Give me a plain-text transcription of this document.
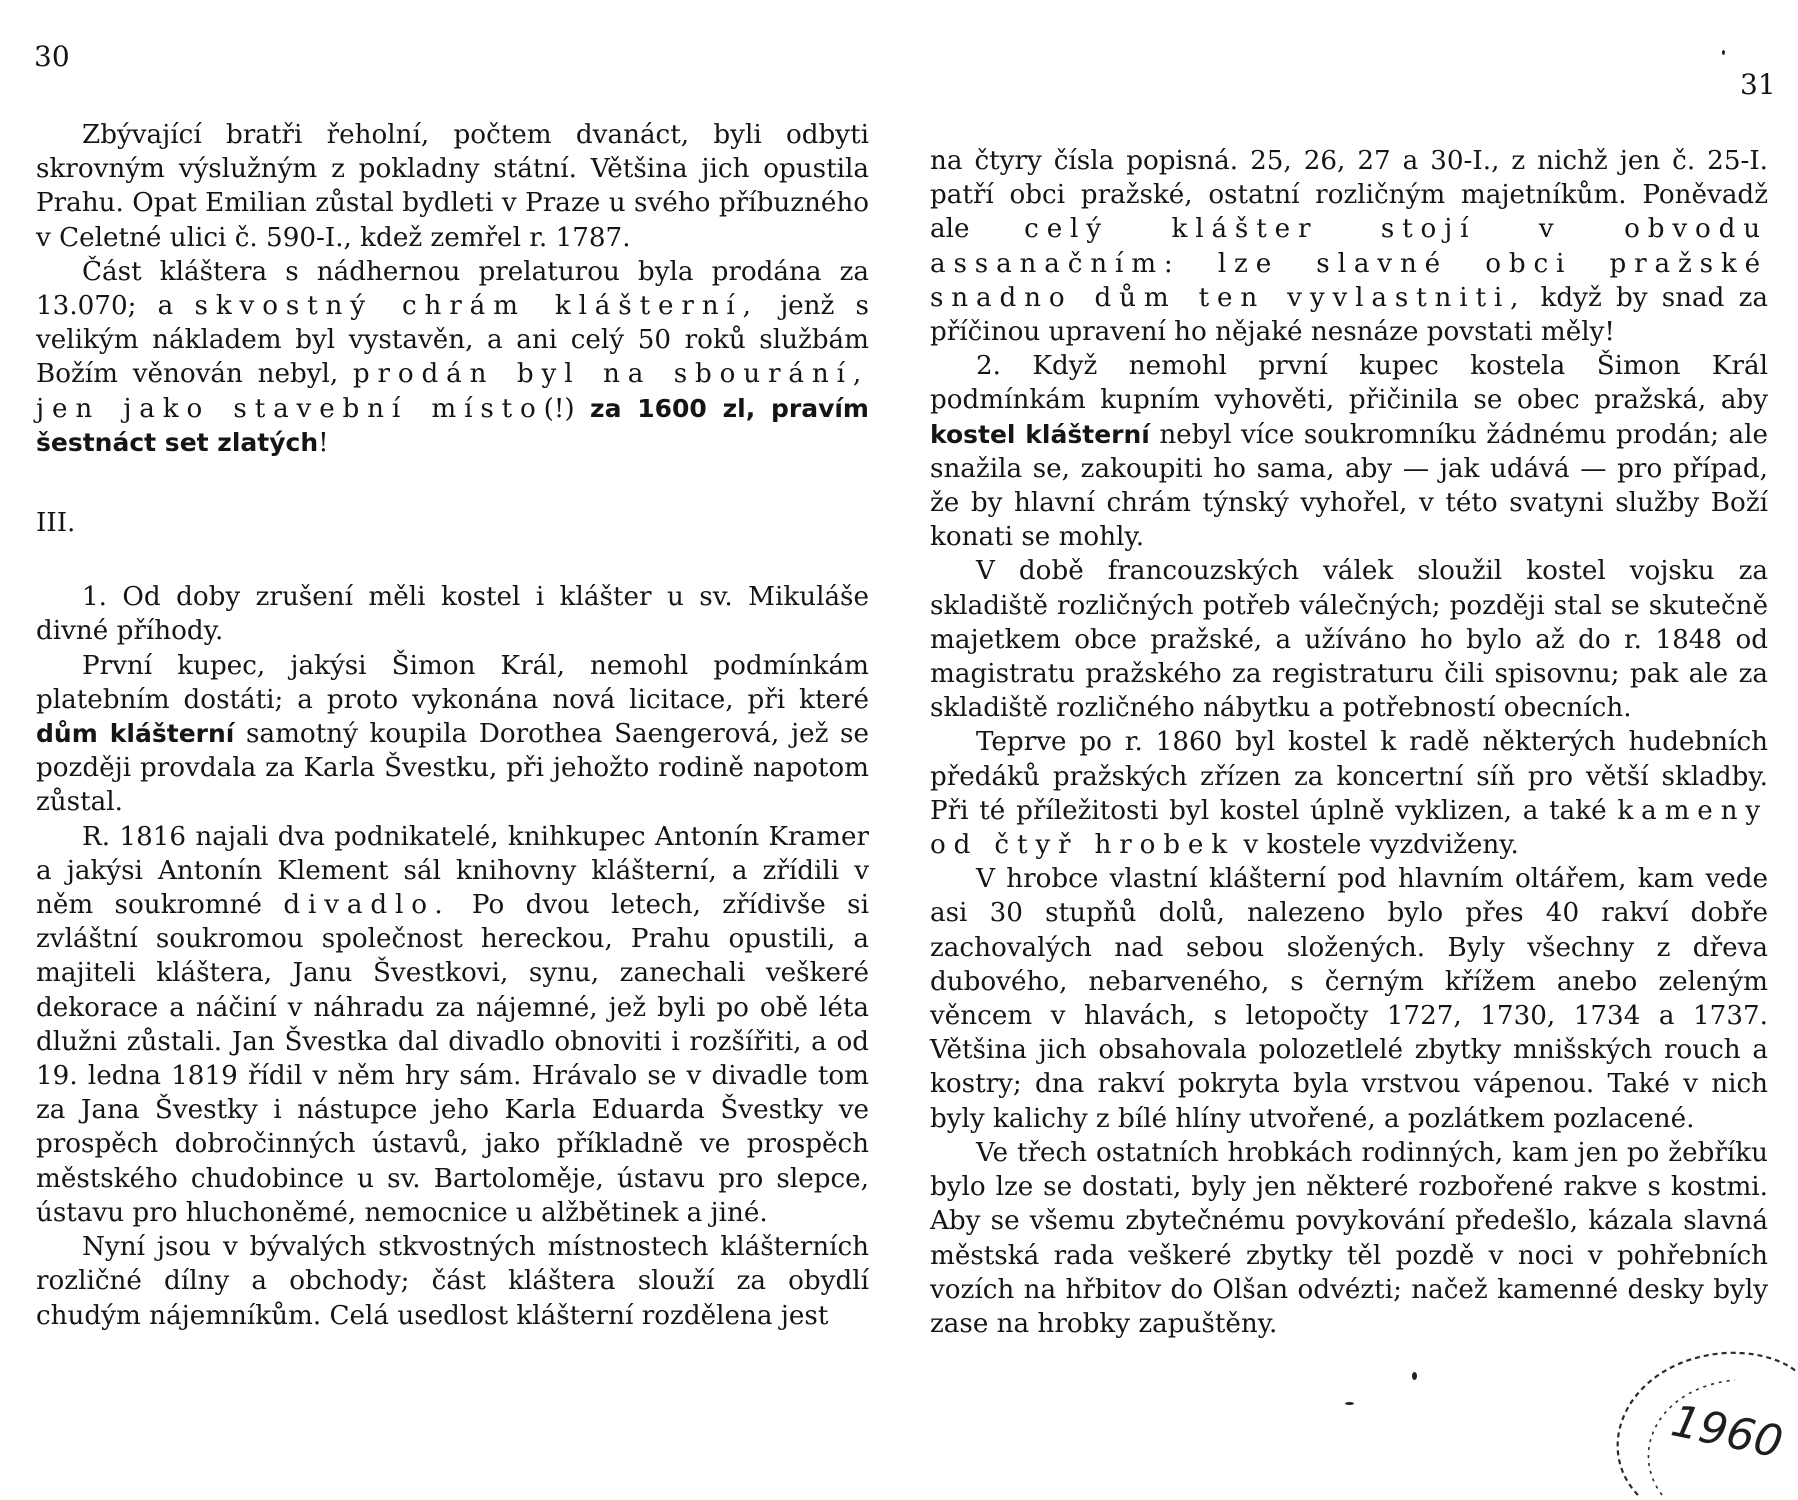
30
31

Zbývající bratři řeholní, počtem dvanáct, byli odbyti skrovným výslužným z pokladny státní. Většina jich opustila Prahu. Opat Emilian zůstal bydleti v Praze u svého příbuzného v Celetné ulici č. 590-I., kdež zemřel r. 1787.

Část kláštera s nádhernou prelaturou byla prodána za 13.070; a skvostný chrám klášterní, jenž s velikým nákladem byl vystavěn, a ani celý 50 roků službám Božím věnován nebyl, prodán byl na sbourání, jen jako stavební místo(!) za 1600 zl, pravím šestnáct set zlatých!

III.

1. Od doby zrušení měli kostel i klášter u sv. Mikuláše divné příhody.

První kupec, jakýsi Šimon Král, nemohl podmínkám platebním dostáti; a proto vykonána nová licitace, při které dům klášterní samotný koupila Dorothea Saengerová, jež se později provdala za Karla Švestku, při jehožto rodině napotom zůstal.

R. 1816 najali dva podnikatelé, knihkupec Antonín Kramer a jakýsi Antonín Klement sál knihovny klášterní, a zřídili v něm soukromné divadlo. Po dvou letech, zřídivše si zvláštní soukromou společnost hereckou, Prahu opustili, a majiteli kláštera, Janu Švestkovi, synu, zanechali veškeré dekorace a náčiní v náhradu za nájemné, jež byli po obě léta dlužni zůstali. Jan Švestka dal divadlo obnoviti i rozšířiti, a od 19. ledna 1819 řídil v něm hry sám. Hrávalo se v divadle tom za Jana Švestky i nástupce jeho Karla Eduarda Švestky ve prospěch dobročinných ústavů, jako příkladně ve prospěch městského chudobince u sv. Bartoloměje, ústavu pro slepce, ústavu pro hluchoněmé, nemocnice u alžbětinek a jiné.

Nyní jsou v bývalých stkvostných místnostech klášterních rozličné dílny a obchody; část kláštera slouží za obydlí chudým nájemníkům. Celá usedlost klášterní rozdělena jest

na čtyry čísla popisná. 25, 26, 27 a 30-I., z nichž jen č. 25-I. patří obci pražské, ostatní rozličným majetníkům. Poněvadž ale celý klášter stojí v obvodu assanačním: lze slavné obci pražské snadno dům ten vyvlastniti, když by snad za příčinou upravení ho nějaké nesnáze povstati měly!

2. Když nemohl první kupec kostela Šimon Král podmínkám kupním vyhověti, přičinila se obec pražská, aby kostel klášterní nebyl více soukromníku žádnému prodán; ale snažila se, zakoupiti ho sama, aby — jak udává — pro případ, že by hlavní chrám týnský vyhořel, v této svatyni služby Boží konati se mohly.

V době francouzských válek sloužil kostel vojsku za skladiště rozličných potřeb válečných; později stal se skutečně majetkem obce pražské, a užíváno ho bylo až do r. 1848 od magistratu pražského za registraturu čili spisovnu; pak ale za skladiště rozličného nábytku a potřebností obecních.

Teprve po r. 1860 byl kostel k radě některých hudebních předáků pražských zřízen za koncertní síň pro větší skladby. Při té příležitosti byl kostel úplně vyklizen, a také kameny od čtyř hrobek v kostele vyzdviženy.

V hrobce vlastní klášterní pod hlavním oltářem, kam vede asi 30 stupňů dolů, nalezeno bylo přes 40 rakví dobře zachovalých nad sebou složených. Byly všechny z dřeva dubového, nebarveného, s černým křížem anebo zeleným věncem v hlavách, s letopočty 1727, 1730, 1734 a 1737. Většina jich obsahovala polozetlelé zbytky mnišských rouch a kostry; dna rakví pokryta byla vrstvou vápenou. Také v nich byly kalichy z bílé hlíny utvořené, a pozlátkem pozlacené.

Ve třech ostatních hrobkách rodinných, kam jen po žebříku bylo lze se dostati, byly jen některé rozbořené rakve s kostmi. Aby se všemu zbytečnému povykování předešlo, kázala slavná městská rada veškeré zbytky těl pozdě v noci v pohřebních vozích na hřbitov do Olšan odvézti; načež kamenné desky byly zase na hrobky zapuštěny.

1960
